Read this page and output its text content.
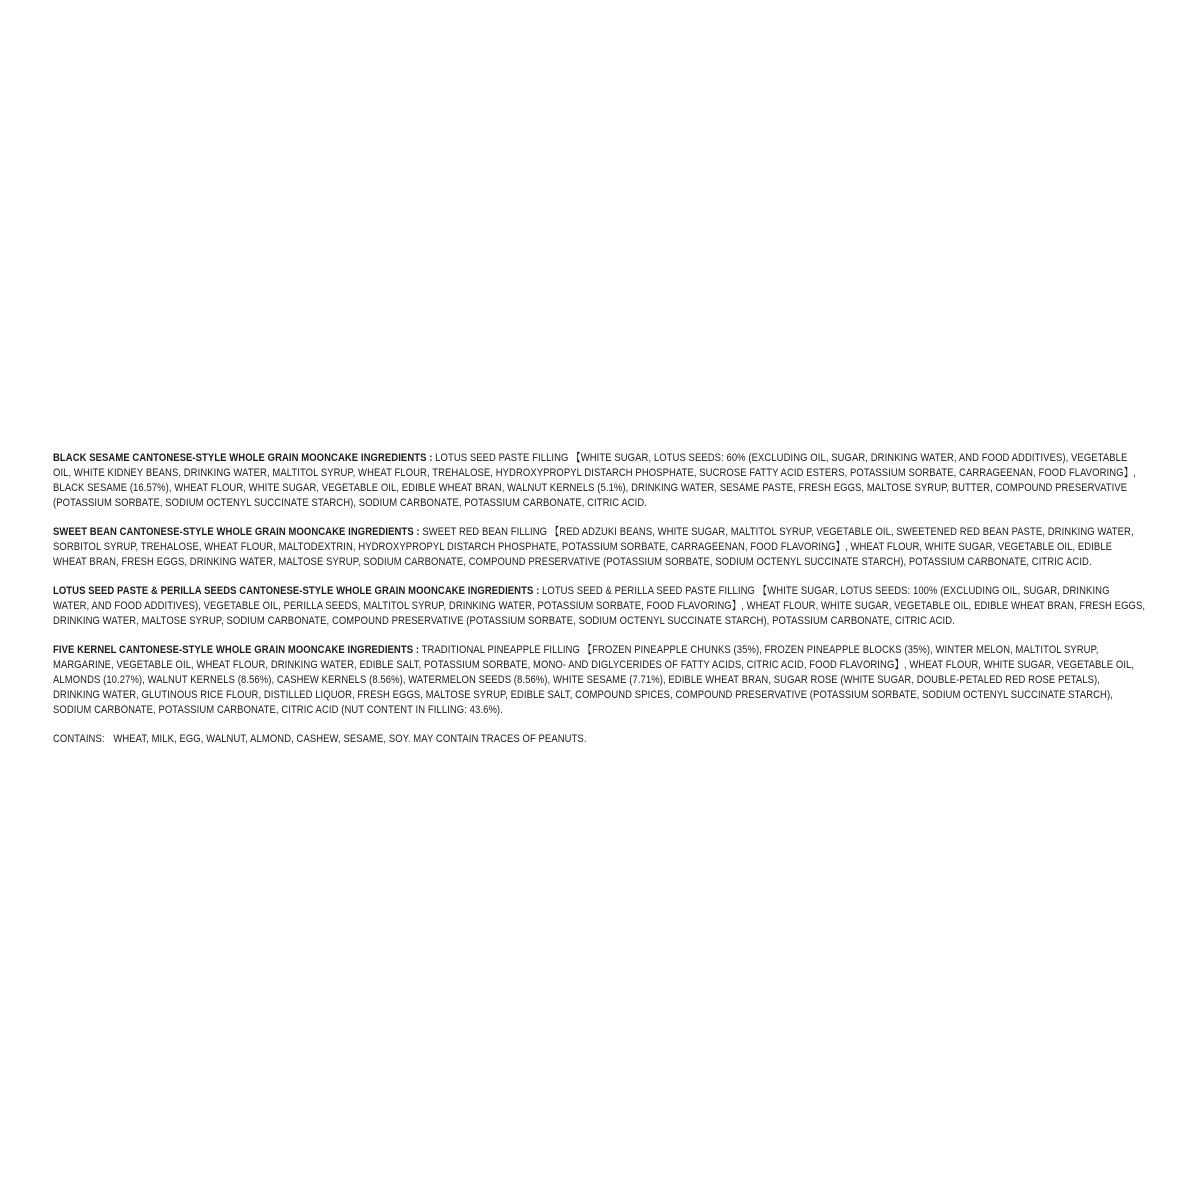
BLACK SESAME CANTONESE-STYLE WHOLE GRAIN MOONCAKE INGREDIENTS : LOTUS SEED PASTE FILLING 【WHITE SUGAR, LOTUS SEEDS: 60% (EXCLUDING OIL, SUGAR, DRINKING WATER, AND FOOD ADDITIVES), VEGETABLE OIL, WHITE KIDNEY BEANS, DRINKING WATER, MALTITOL SYRUP, WHEAT FLOUR, TREHALOSE, HYDROXYPROPYL DISTARCH PHOSPHATE, SUCROSE FATTY ACID ESTERS, POTASSIUM SORBATE, CARRAGEENAN, FOOD FLAVORING】, BLACK SESAME (16.57%), WHEAT FLOUR, WHITE SUGAR, VEGETABLE OIL, EDIBLE WHEAT BRAN, WALNUT KERNELS (5.1%), DRINKING WATER, SESAME PASTE, FRESH EGGS, MALTOSE SYRUP, BUTTER, COMPOUND PRESERVATIVE (POTASSIUM SORBATE, SODIUM OCTENYL SUCCINATE STARCH), SODIUM CARBONATE, POTASSIUM CARBONATE, CITRIC ACID.

SWEET BEAN CANTONESE-STYLE WHOLE GRAIN MOONCAKE INGREDIENTS : SWEET RED BEAN FILLING 【RED ADZUKI BEANS, WHITE SUGAR, MALTITOL SYRUP, VEGETABLE OIL, SWEETENED RED BEAN PASTE, DRINKING WATER, SORBITOL SYRUP, TREHALOSE, WHEAT FLOUR, MALTODEXTRIN, HYDROXYPROPYL DISTARCH PHOSPHATE, POTASSIUM SORBATE, CARRAGEENAN, FOOD FLAVORING】, WHEAT FLOUR, WHITE SUGAR, VEGETABLE OIL, EDIBLE WHEAT BRAN, FRESH EGGS, DRINKING WATER, MALTOSE SYRUP, SODIUM CARBONATE, COMPOUND PRESERVATIVE (POTASSIUM SORBATE, SODIUM OCTENYL SUCCINATE STARCH), POTASSIUM CARBONATE, CITRIC ACID.

LOTUS SEED PASTE & PERILLA SEEDS CANTONESE-STYLE WHOLE GRAIN MOONCAKE INGREDIENTS : LOTUS SEED & PERILLA SEED PASTE FILLING 【WHITE SUGAR, LOTUS SEEDS: 100% (EXCLUDING OIL, SUGAR, DRINKING WATER, AND FOOD ADDITIVES), VEGETABLE OIL, PERILLA SEEDS, MALTITOL SYRUP, DRINKING WATER, POTASSIUM SORBATE, FOOD FLAVORING】, WHEAT FLOUR, WHITE SUGAR, VEGETABLE OIL, EDIBLE WHEAT BRAN, FRESH EGGS, DRINKING WATER, MALTOSE SYRUP, SODIUM CARBONATE, COMPOUND PRESERVATIVE (POTASSIUM SORBATE, SODIUM OCTENYL SUCCINATE STARCH), POTASSIUM CARBONATE, CITRIC ACID.

FIVE KERNEL CANTONESE-STYLE WHOLE GRAIN MOONCAKE INGREDIENTS : TRADITIONAL PINEAPPLE FILLING 【FROZEN PINEAPPLE CHUNKS (35%), FROZEN PINEAPPLE BLOCKS (35%), WINTER MELON, MALTITOL SYRUP, MARGARINE, VEGETABLE OIL, WHEAT FLOUR, DRINKING WATER, EDIBLE SALT, POTASSIUM SORBATE, MONO- AND DIGLYCERIDES OF FATTY ACIDS, CITRIC ACID, FOOD FLAVORING】, WHEAT FLOUR, WHITE SUGAR, VEGETABLE OIL, ALMONDS (10.27%), WALNUT KERNELS (8.56%), CASHEW KERNELS (8.56%), WATERMELON SEEDS (8.56%), WHITE SESAME (7.71%), EDIBLE WHEAT BRAN, SUGAR ROSE (WHITE SUGAR, DOUBLE-PETALED RED ROSE PETALS), DRINKING WATER, GLUTINOUS RICE FLOUR, DISTILLED LIQUOR, FRESH EGGS, MALTOSE SYRUP, EDIBLE SALT, COMPOUND SPICES, COMPOUND PRESERVATIVE (POTASSIUM SORBATE, SODIUM OCTENYL SUCCINATE STARCH), SODIUM CARBONATE, POTASSIUM CARBONATE, CITRIC ACID (NUT CONTENT IN FILLING: 43.6%).

CONTAINS: WHEAT, MILK, EGG, WALNUT, ALMOND, CASHEW, SESAME, SOY. MAY CONTAIN TRACES OF PEANUTS.
